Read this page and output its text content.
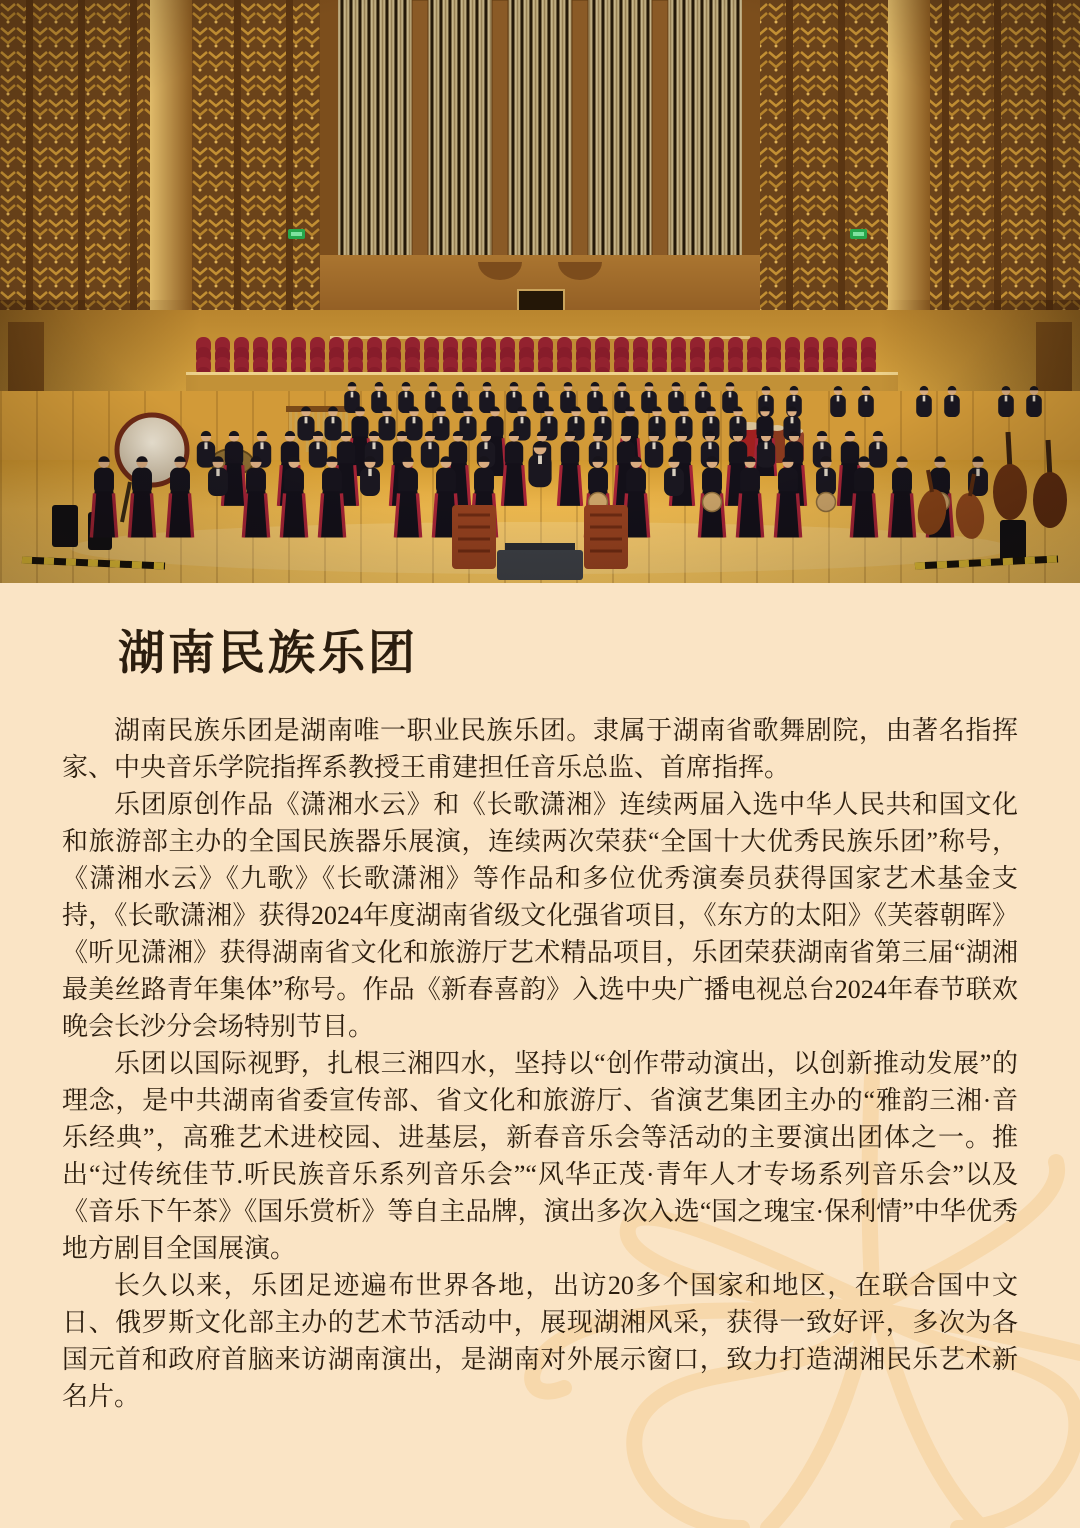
湖南民族乐团

湖南民族乐团是湖南唯一职业民族乐团。隶属于湖南省歌舞剧院，由著名指挥家、中央音乐学院指挥系教授王甫建担任音乐总监、首席指挥。

乐团原创作品《潇湘水云》和《长歌潇湘》连续两届入选中华人民共和国文化和旅游部主办的全国民族器乐展演，连续两次荣获“全国十大优秀民族乐团”称号，《潇湘水云》《九歌》《长歌潇湘》等作品和多位优秀演奏员获得国家艺术基金支持，《长歌潇湘》获得2024年度湖南省级文化强省项目，《东方的太阳》《芙蓉朝晖》《听见潇湘》获得湖南省文化和旅游厅艺术精品项目，乐团荣获湖南省第三届“湖湘最美丝路青年集体”称号。作品《新春喜韵》入选中央广播电视总台2024年春节联欢晚会长沙分会场特别节目。

乐团以国际视野，扎根三湘四水，坚持以“创作带动演出，以创新推动发展”的理念，是中共湖南省委宣传部、省文化和旅游厅、省演艺集团主办的“雅韵三湘·音乐经典”，高雅艺术进校园、进基层，新春音乐会等活动的主要演出团体之一。推出“过传统佳节.听民族音乐系列音乐会”“风华正茂·青年人才专场系列音乐会”以及《音乐下午茶》《国乐赏析》等自主品牌，演出多次入选“国之瑰宝·保利情”中华优秀地方剧目全国展演。

长久以来，乐团足迹遍布世界各地，出访20多个国家和地区，在联合国中文日、俄罗斯文化部主办的艺术节活动中，展现湖湘风采，获得一致好评，多次为各国元首和政府首脑来访湖南演出，是湖南对外展示窗口，致力打造湖湘民乐艺术新名片。
